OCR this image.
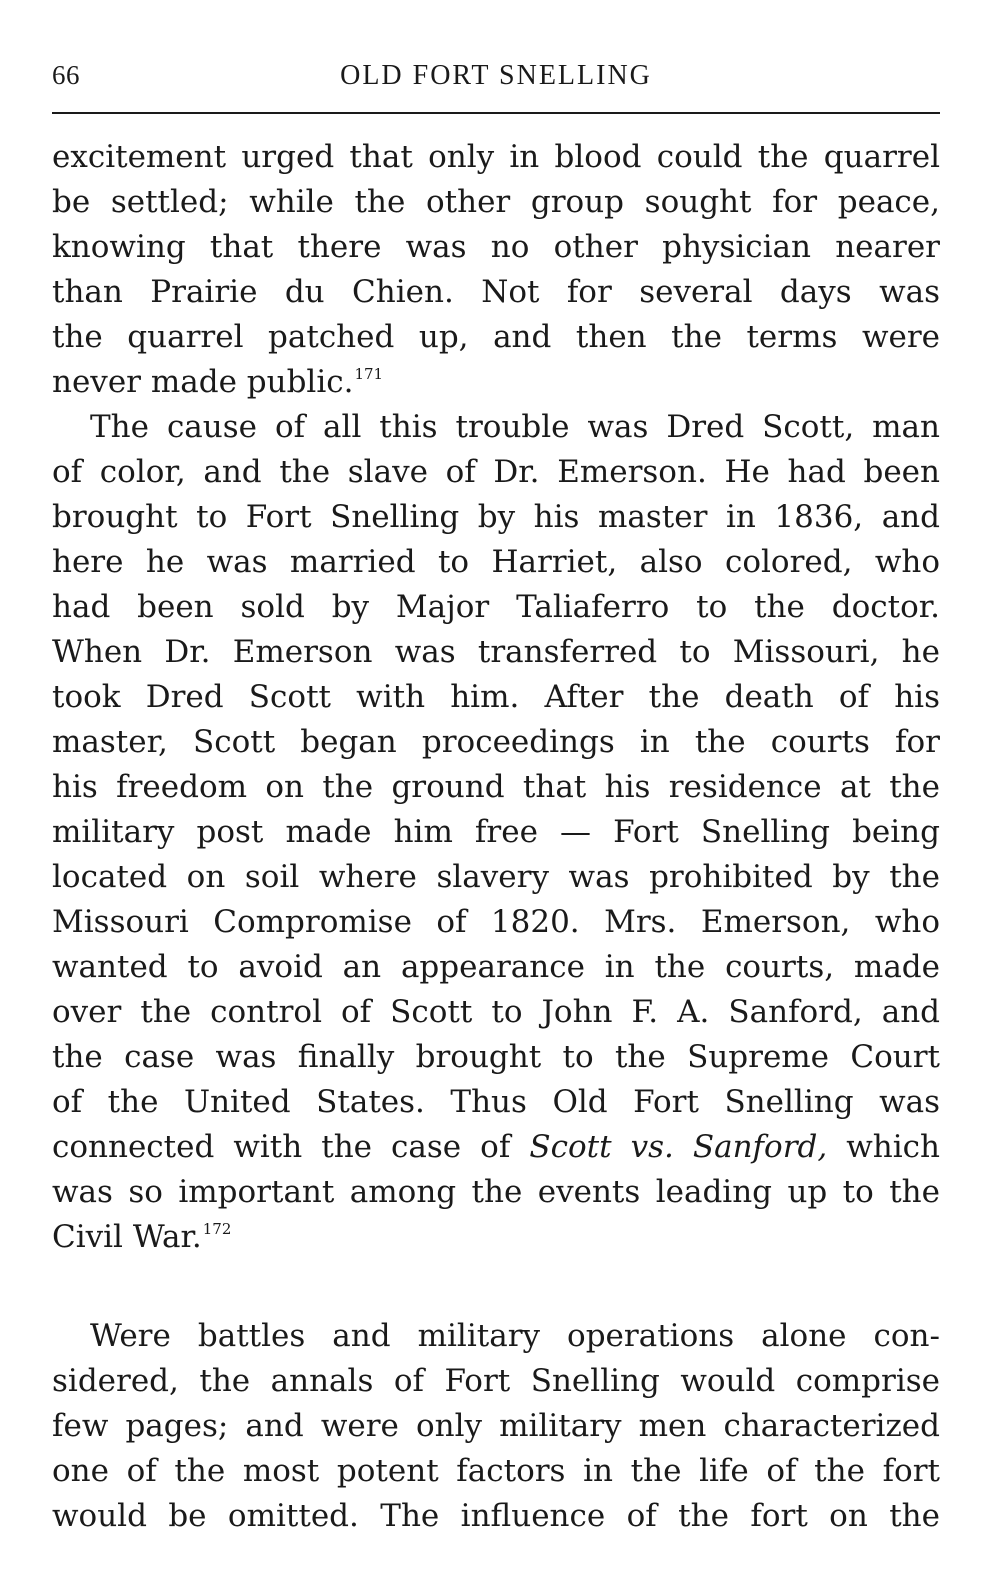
66	OLD FORT SNELLING
excitement urged that only in blood could the quarrel
be settled; while the other group sought for peace,
knowing that there was no other physician nearer
than Prairie du Chien. Not for several days was
the quarrel patched up, and then the terms were
never made public.$^{171}$
The cause of all this trouble was Dred Scott, man
of color, and the slave of Dr. Emerson. He had been
brought to Fort Snelling by his master in 1836, and
here he was married to Harriet, also colored, who
had been sold by Major Taliaferro to the doctor.
When Dr. Emerson was transferred to Missouri, he
took Dred Scott with him. After the death of his
master, Scott began proceedings in the courts for
his freedom on the ground that his residence at the
military post made him free — Fort Snelling being
located on soil where slavery was prohibited by the
Missouri Compromise of 1820. Mrs. Emerson, who
wanted to avoid an appearance in the courts, made
over the control of Scott to John F. A. Sanford, and
the case was finally brought to the Supreme Court
of the United States. Thus Old Fort Snelling was
connected with the case of Scott vs. Sanford, which
was so important among the events leading up to the
Civil War.$^{172}$
Were battles and military operations alone con-
sidered, the annals of Fort Snelling would comprise
few pages; and were only military men characterized
one of the most potent factors in the life of the fort
would be omitted. The influence of the fort on the
